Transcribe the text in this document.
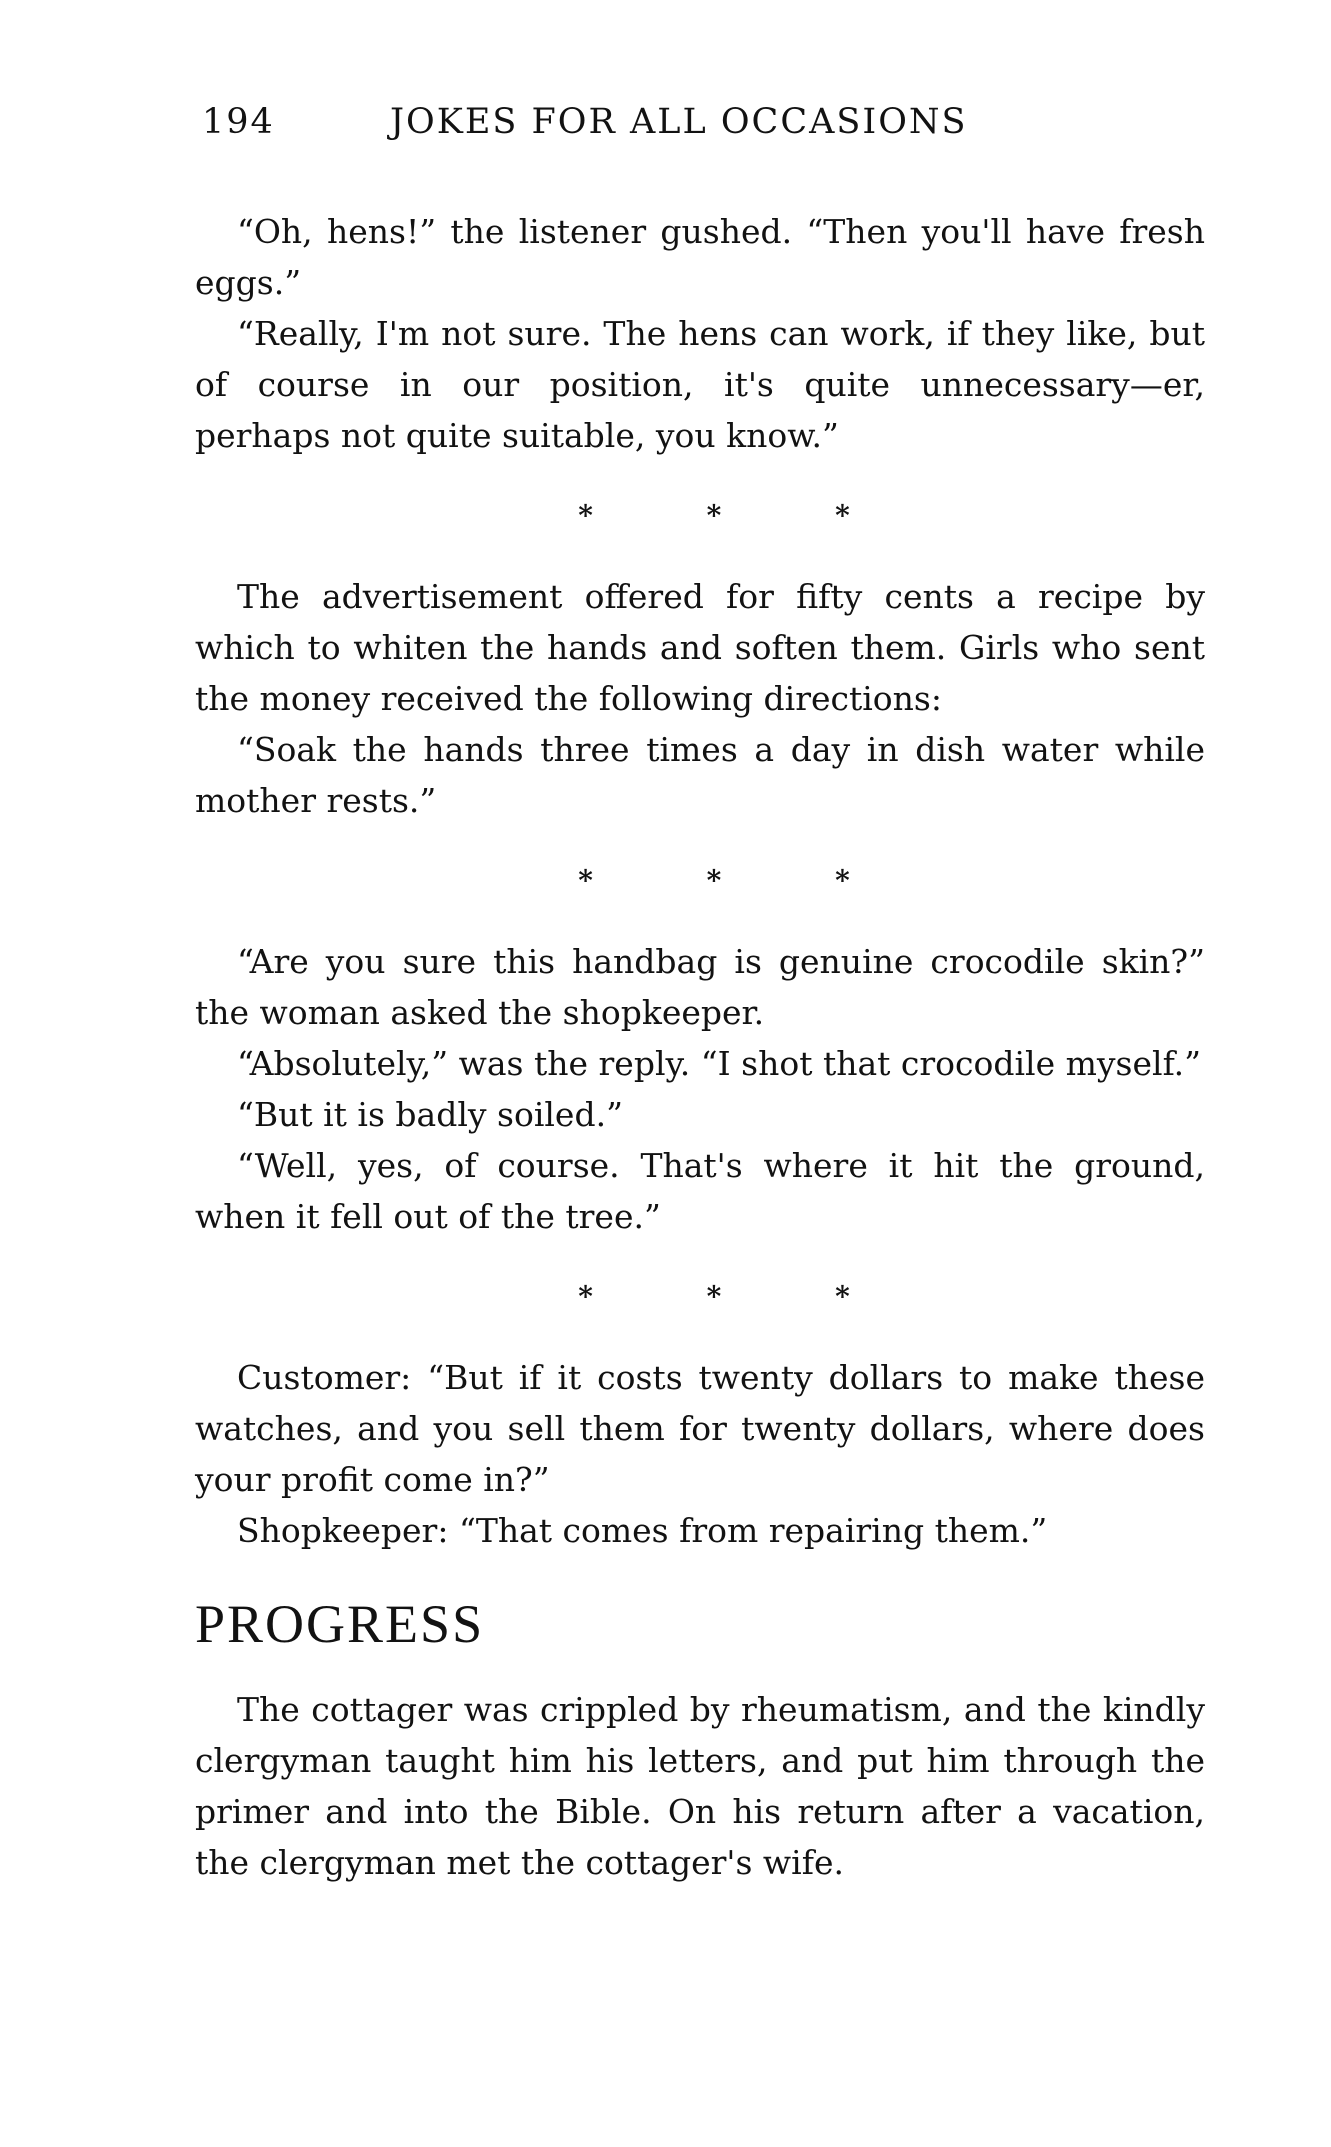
194	JOKES FOR ALL OCCASIONS

“Oh, hens!” the listener gushed. “Then you'll have fresh eggs.”

“Really, I'm not sure. The hens can work, if they like, but of course in our position, it's quite unnecessary—er, perhaps not quite suitable, you know.”

* * *

The advertisement offered for fifty cents a recipe by which to whiten the hands and soften them. Girls who sent the money received the following directions:

“Soak the hands three times a day in dish water while mother rests.”

* * *

“Are you sure this handbag is genuine crocodile skin?” the woman asked the shopkeeper.

“Absolutely,” was the reply. “I shot that crocodile myself.”

“But it is badly soiled.”

“Well, yes, of course. That's where it hit the ground, when it fell out of the tree.”

* * *

Customer: “But if it costs twenty dollars to make these watches, and you sell them for twenty dollars, where does your profit come in?”

Shopkeeper: “That comes from repairing them.”

PROGRESS

The cottager was crippled by rheumatism, and the kindly clergyman taught him his letters, and put him through the primer and into the Bible. On his return after a vacation, the clergyman met the cottager's wife.
